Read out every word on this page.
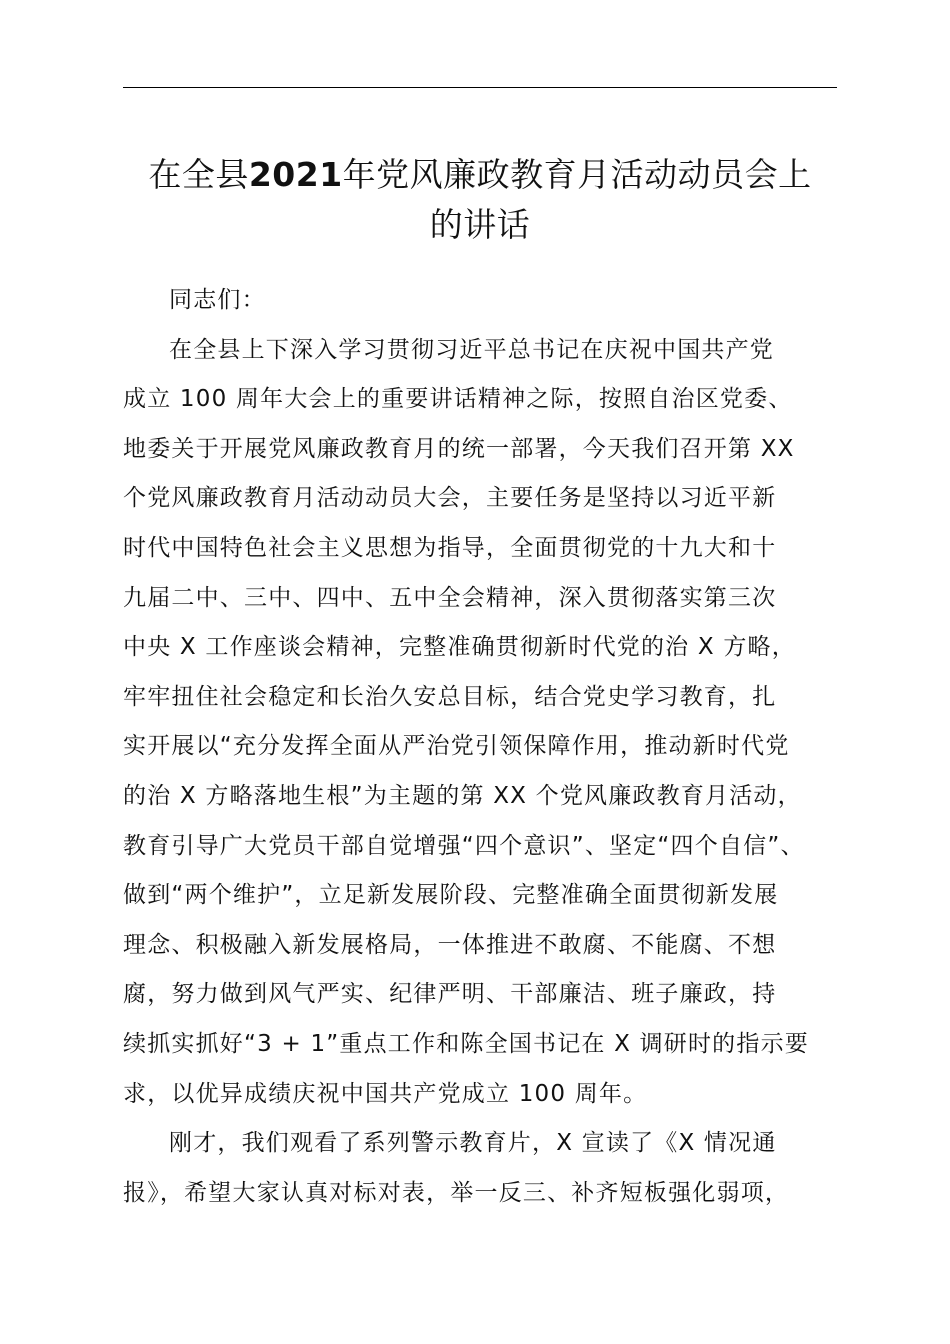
在全县2021年党风廉政教育月活动动员会上
的讲话

同志们：

在全县上下深入学习贯彻习近平总书记在庆祝中国共产党
成立 100 周年大会上的重要讲话精神之际，按照自治区党委、
地委关于开展党风廉政教育月的统一部署，今天我们召开第 XX
个党风廉政教育月活动动员大会，主要任务是坚持以习近平新
时代中国特色社会主义思想为指导，全面贯彻党的十九大和十
九届二中、三中、四中、五中全会精神，深入贯彻落实第三次
中央 X 工作座谈会精神，完整准确贯彻新时代党的治 X 方略，
牢牢扭住社会稳定和长治久安总目标，结合党史学习教育，扎
实开展以“充分发挥全面从严治党引领保障作用，推动新时代党
的治 X 方略落地生根”为主题的第 XX 个党风廉政教育月活动，
教育引导广大党员干部自觉增强“四个意识”、坚定“四个自信”、
做到“两个维护”，立足新发展阶段、完整准确全面贯彻新发展
理念、积极融入新发展格局，一体推进不敢腐、不能腐、不想
腐，努力做到风气严实、纪律严明、干部廉洁、班子廉政，持
续抓实抓好“3 + 1”重点工作和陈全国书记在 X 调研时的指示要
求，以优异成绩庆祝中国共产党成立 100 周年。

刚才，我们观看了系列警示教育片，X 宣读了《X 情况通
报》，希望大家认真对标对表，举一反三、补齐短板强化弱项，
